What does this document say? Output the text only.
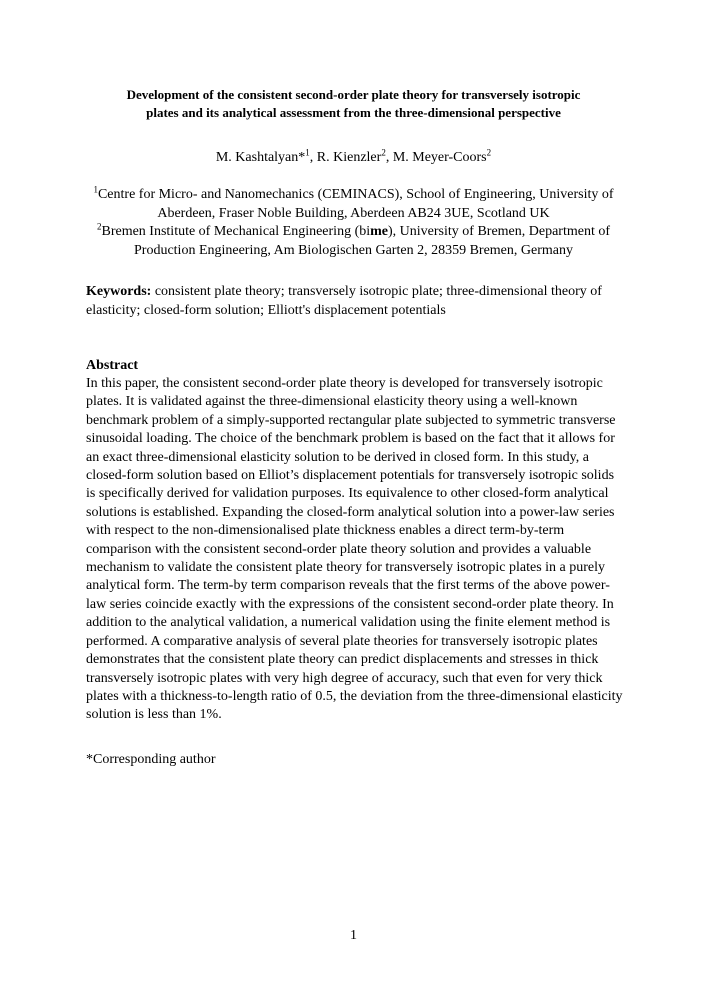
Development of the consistent second-order plate theory for transversely isotropic
plates and its analytical assessment from the three-dimensional perspective
M. Kashtalyan*$^1$, R. Kienzler$^2$, M. Meyer-Coors$^2$
$^1$Centre for Micro- and Nanomechanics (CEMINACS), School of Engineering, University of Aberdeen, Fraser Noble Building, Aberdeen AB24 3UE, Scotland UK
$^2$Bremen Institute of Mechanical Engineering (bime), University of Bremen, Department of Production Engineering, Am Biologischen Garten 2, 28359 Bremen, Germany
Keywords: consistent plate theory; transversely isotropic plate; three-dimensional theory of elasticity; closed-form solution; Elliott's displacement potentials
Abstract
In this paper, the consistent second-order plate theory is developed for transversely isotropic plates. It is validated against the three-dimensional elasticity theory using a well-known benchmark problem of a simply-supported rectangular plate subjected to symmetric transverse sinusoidal loading. The choice of the benchmark problem is based on the fact that it allows for an exact three-dimensional elasticity solution to be derived in closed form. In this study, a closed-form solution based on Elliot’s displacement potentials for transversely isotropic solids is specifically derived for validation purposes. Its equivalence to other closed-form analytical solutions is established. Expanding the closed-form analytical solution into a power-law series with respect to the non-dimensionalised plate thickness enables a direct term-by-term comparison with the consistent second-order plate theory solution and provides a valuable mechanism to validate the consistent plate theory for transversely isotropic plates in a purely analytical form. The term-by term comparison reveals that the first terms of the above power-law series coincide exactly with the expressions of the consistent second-order plate theory. In addition to the analytical validation, a numerical validation using the finite element method is performed. A comparative analysis of several plate theories for transversely isotropic plates demonstrates that the consistent plate theory can predict displacements and stresses in thick transversely isotropic plates with very high degree of accuracy, such that even for very thick plates with a thickness-to-length ratio of 0.5, the deviation from the three-dimensional elasticity solution is less than 1%.
*Corresponding author
1
